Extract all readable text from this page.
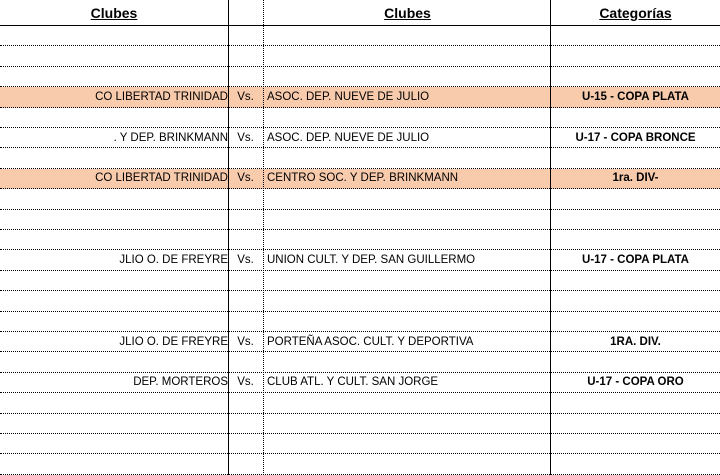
Clubes	Clubes	Categorías
CO LIBERTAD TRINIDAD Vs.	ASOC. DEP. NUEVE DE JULIO	U-15 - COPA PLATA
. Y DEP. BRINKMANN Vs.	ASOC. DEP. NUEVE DE JULIO	U-17 - COPA BRONCE
CO LIBERTAD TRINIDAD Vs.	CENTRO SOC. Y DEP. BRINKMANN	1ra. DIV-
JLIO O. DE FREYRE Vs.	UNION CULT. Y DEP. SAN GUILLERMO	U-17 - COPA PLATA
JLIO O. DE FREYRE Vs.	PORTEÑA ASOC. CULT. Y DEPORTIVA	1RA. DIV.
DEP. MORTEROS Vs.	CLUB ATL. Y CULT. SAN JORGE	U-17 - COPA ORO
